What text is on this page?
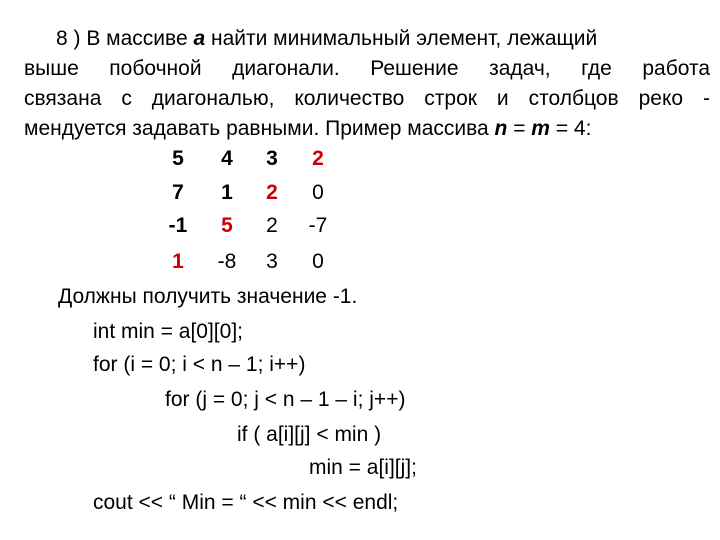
8 ) В массиве а найти минимальный элемент, лежащий
выше побочной диагонали. Решение задач, где работа
связана с диагональю, количество строк и столбцов реко -
мендуется задавать равными. Пример массива n = m = 4:
5	4	3	2
7	1	2	0
-1	5	2	-7
1	-8	3	0
Должны получить значение -1.
int min = a[0][0];
for (i = 0; i < n – 1; i++)
for (j = 0; j < n – 1 – i; j++)
if ( a[i][j] < min )
min = a[i][j];
cout << “ Min = “ << min << endl;
